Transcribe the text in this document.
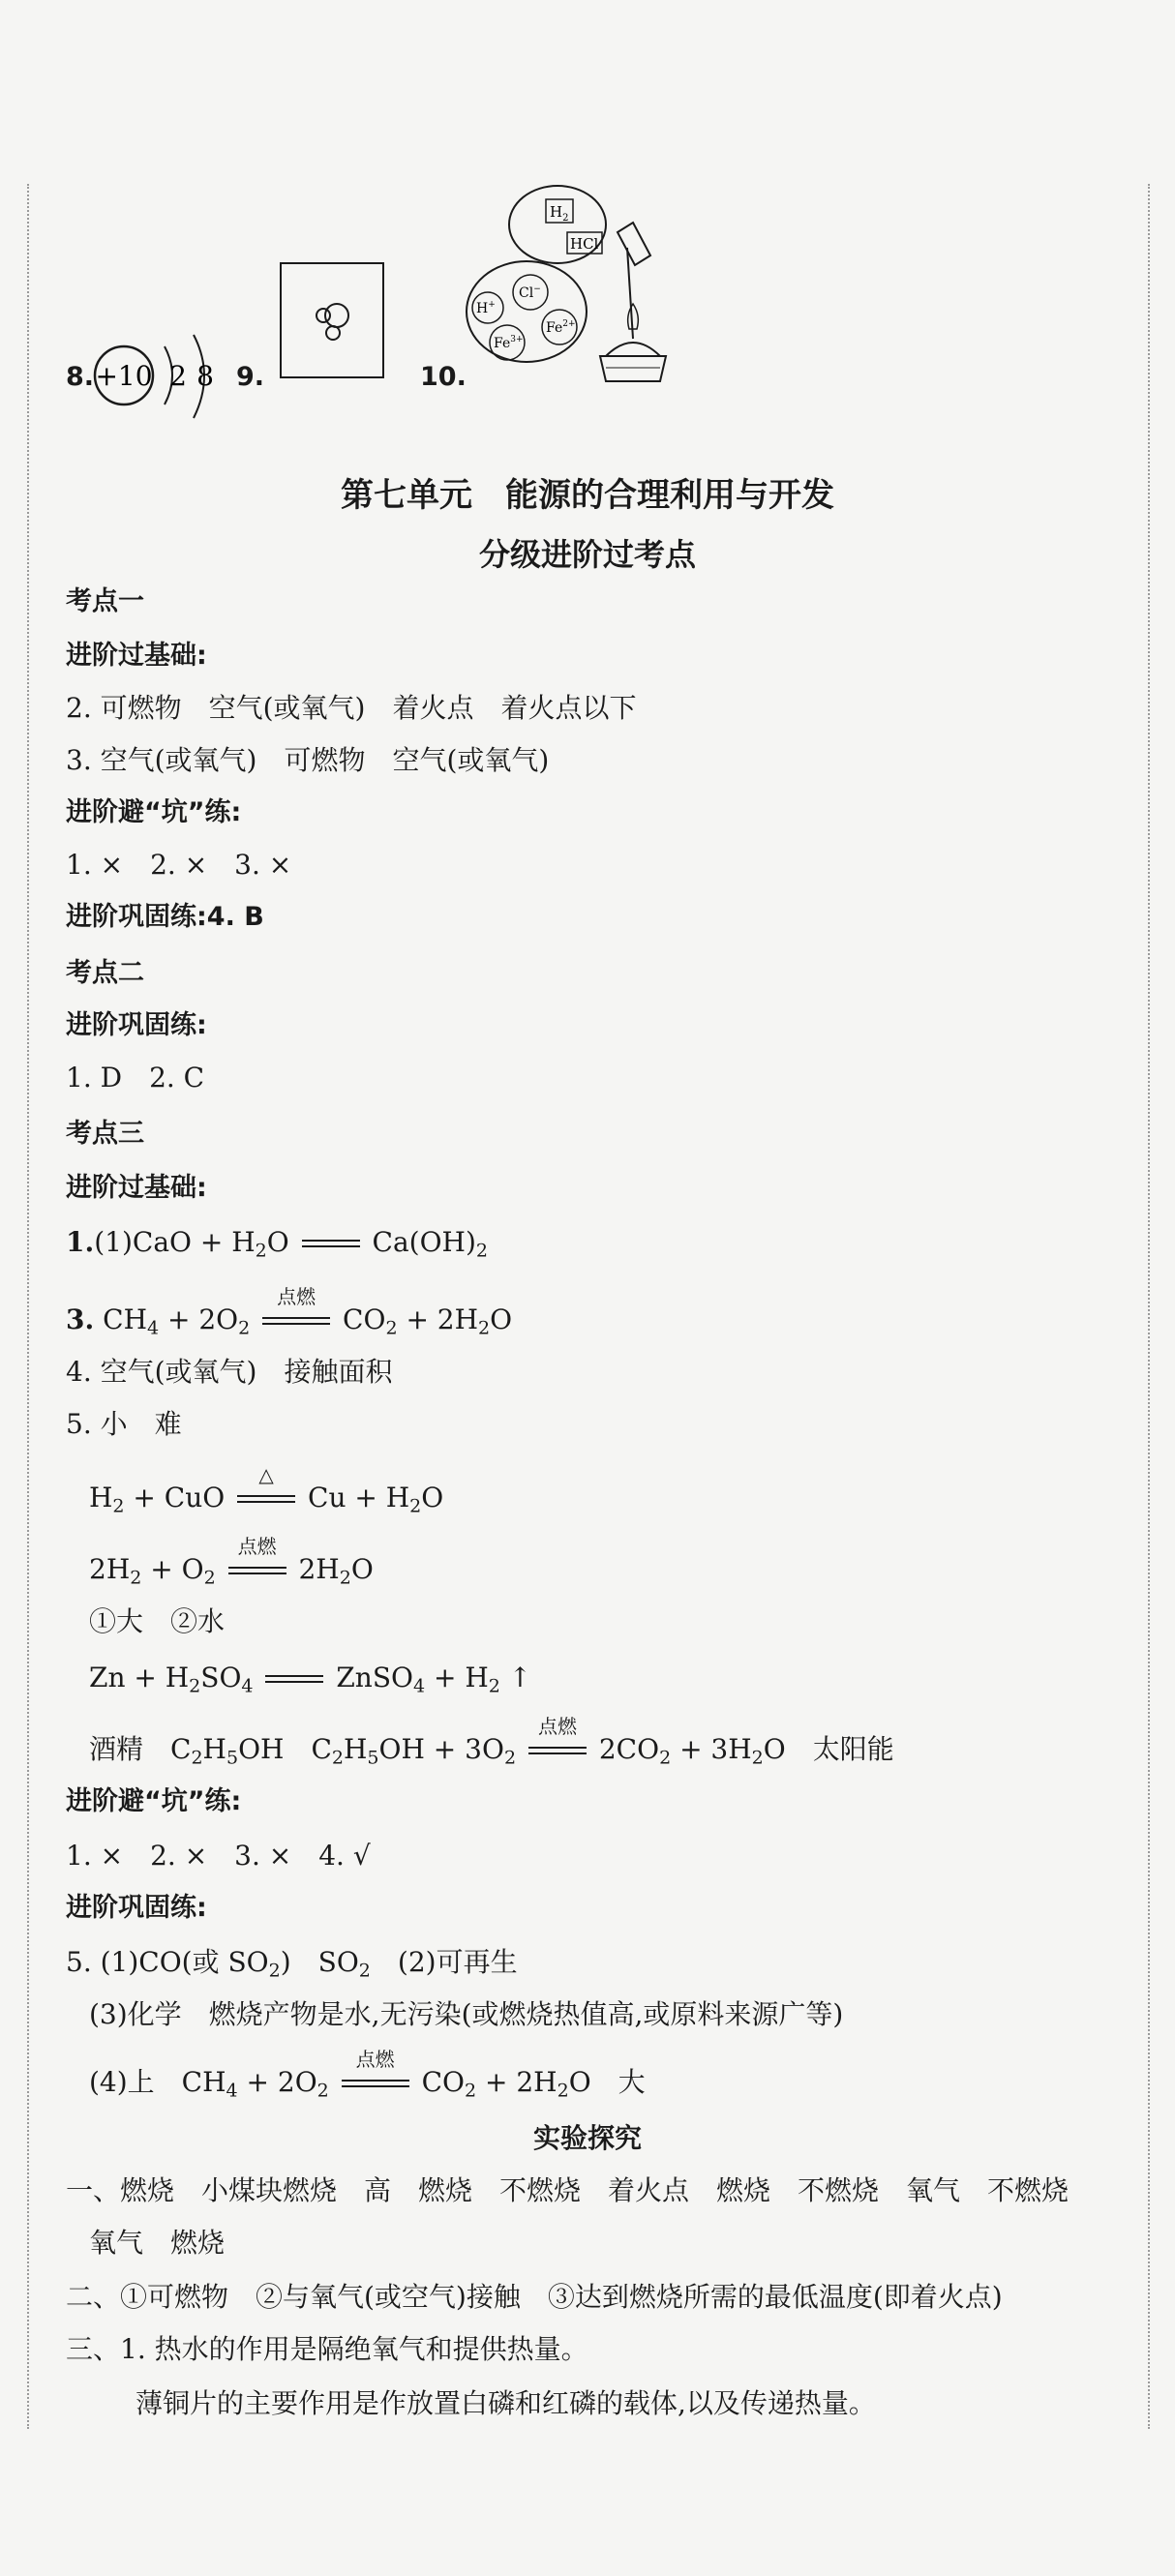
8. +10 2 8 9.	10.
$H_2$
HCl
H+
Cl−
$Fe^{2+}$
$Fe^{3+}$
第七单元　能源的合理利用与开发
分级进阶过考点
考点一
进阶过基础:
2. 可燃物　空气(或氧气)　着火点　着火点以下
3. 空气(或氧气)　可燃物　空气(或氧气)
进阶避“坑”练:
1. ×　2. ×　3. ×
进阶巩固练:4. B
考点二
进阶巩固练:
1. D　2. C
考点三
进阶过基础:
$1.(1)CaO + H_2O$	$Ca(OH)_2$
3. $CH_4 + 2O_2$
点燃
$CO_2 + 2H_2O$
4. 空气(或氧气)　接触面积
5. 小　难
$H_2$ + CuO
△
$Cu + H_2O$
$2H_2 + O_2$
点燃
$2H_2O$
①大　②水
$Zn + H_2SO_4$	ZnSO$_4$ + $H_2$ ↑
酒精　$C_2H_5OH$　$C_2H_5OH + 3O_2$
点燃
$2CO_2 + 3H_2O$　太阳能
进阶避“坑”练:
1. ×　2. ×　3. ×　4. √
进阶巩固练:
5. (1)CO(或 $SO_2$)　$SO_2$　(2)可再生
(3)化学　燃烧产物是水,无污染(或燃烧热值高,或原料来源广等)
(4)上　$CH_4 + 2O_2$
点燃
$CO_2 + 2H_2O$　大
实验探究
一、燃烧　小煤块燃烧　高　燃烧　不燃烧　着火点　燃烧　不燃烧　氧气　不燃烧
氧气　燃烧
二、①可燃物　②与氧气(或空气)接触　③达到燃烧所需的最低温度(即着火点)
三、1. 热水的作用是隔绝氧气和提供热量。
薄铜片的主要作用是作放置白磷和红磷的载体,以及传递热量。
